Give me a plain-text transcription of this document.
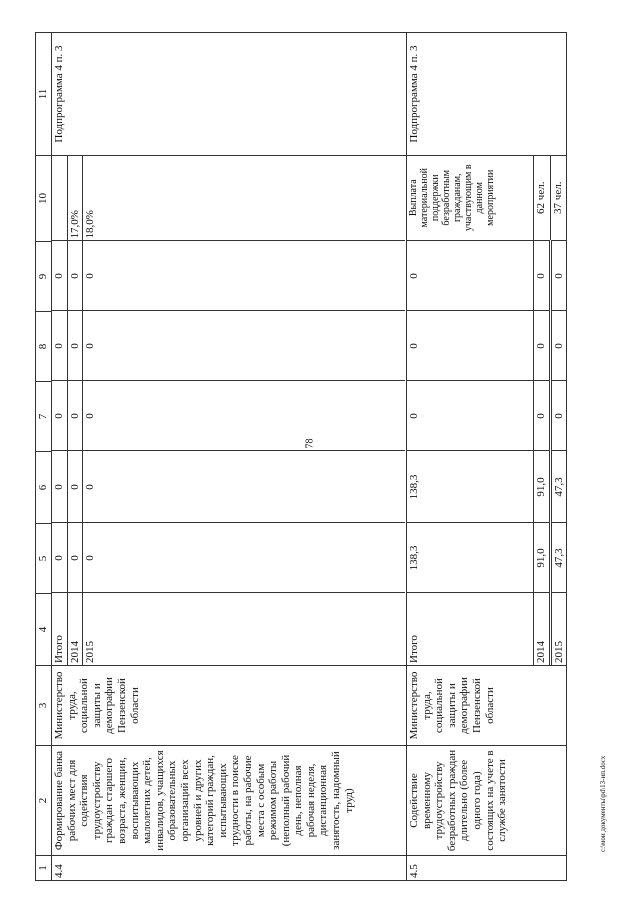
78
1	2	3	4	5	6	7	8	9	10	11
4.4	Формирование банка рабочих мест для содействия трудоустройству граждан старшего возраста, женщин, воспитывающих малолетних детей, инвалидов, учащихся образовательных организаций всех уровней и других категорий граждан, испытывающих трудности в поиске работы, на рабочие места с особым режимом работы (неполный рабочий день, неполная рабочая неделя, дистанционная занятость, надомный труд)	Министерство труда, социальной защиты и демографии Пензенской области	
Итого	0	0	0	0	0	
2014	0	0	0	0	0	17,0%
2015	0	0	0	0	0	18,0%
	Подпрограмма 4 п. 3
4.5	Содействие временному трудоустройству безработных граждан длительно (более одного года) состоящих на учете в службе занятости	Министерство труда, социальной защиты и демографии Пензенской области	
Итого	138,3	138,3	0	0	0	Выплата материальной поддержки безработным гражданам, участвующим в данном мероприятии
2014	91,0	91,0	0	0	0	62 чел.
2015	47,3	47,3	0	0	0	37 чел.
	Подпрограмма 4 п. 3
c:\мои документы\pd\13-ип.docx
